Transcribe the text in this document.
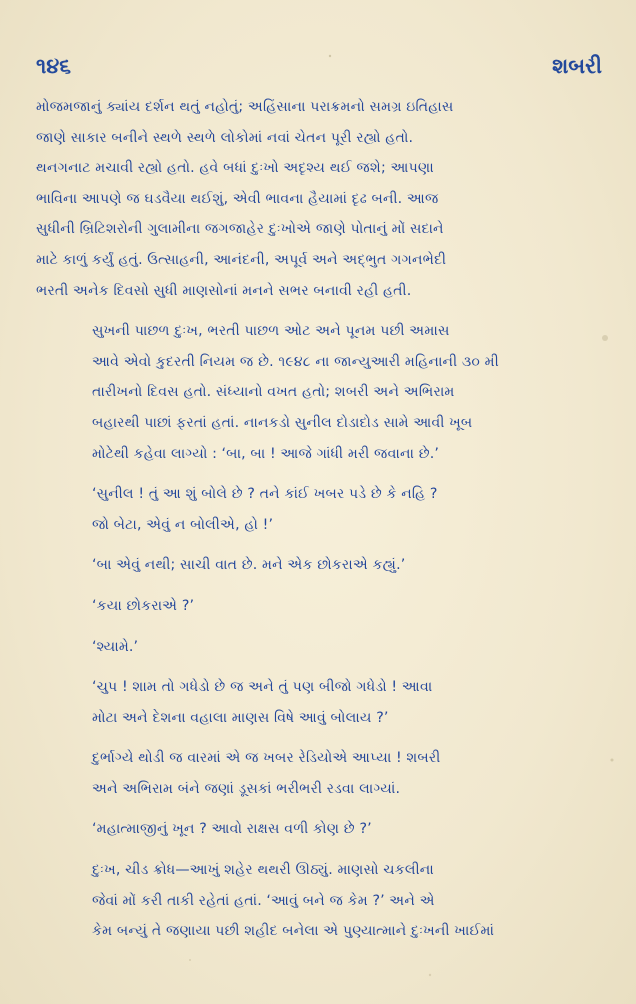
૧૪૬	શબરી

મોજમજાનું ક્યાંય દર્શન થતું નહોતું; અહિંસાના પરાક્રમનો સમગ્ર ઇતિહાસ
જાણે સાકાર બનીને સ્થળે સ્થળે લોકોમાં નવાં ચેતન પૂરી રહ્યો હતો.
થનગનાટ મચાવી રહ્યો હતો. હવે બધાં દુઃખો અદૃશ્ય થઈ જશે; આપણા
ભાવિના આપણે જ ઘડવૈયા થઈશું, એવી ભાવના હૈયામાં દૃઢ બની. આજ
સુધીની બ્રિટિશરોની ગુલામીના જગજાહેર દુઃખોએ જાણે પોતાનું મોં સદાને
માટે કાળું કર્યું હતું. ઉત્સાહની, આનંદની, અપૂર્વ અને અદ્ભુત ગગનભેદી
ભરતી અનેક દિવસો સુધી માણસોનાં મનને સભર બનાવી રહી હતી.

સુખની પાછળ દુઃખ, ભરતી પાછળ ઓટ અને પૂનમ પછી અમાસ
આવે એવો કુદરતી નિયમ જ છે. ૧૯૪૮ ના જાન્યુઆરી મહિનાની ૩૦ મી
તારીખનો દિવસ હતો. સંધ્યાનો વખત હતો; શબરી અને અભિરામ
બહારથી પાછાં ફરતાં હતાં. નાનકડો સુનીલ દોડાદોડ સામે આવી ખૂબ
મોટેથી કહેવા લાગ્યો : ‘બા, બા ! આજે ગાંધી મરી જવાના છે.’

‘સુનીલ ! તું આ શું બોલે છે ? તને કાંઈ ખબર પડે છે કે નહિ ?
જો બેટા, એવું ન બોલીએ, હો !’

‘બા એવું નથી; સાચી વાત છે. મને એક છોકરાએ કહ્યું.’

‘કયા છોકરાએ ?’

‘શ્યામે.’

‘ચુપ ! શામ તો ગધેડો છે જ અને તું પણ બીજો ગધેડો ! આવા
મોટા અને દેશના વહાલા માણસ વિષે આવું બોલાય ?’

દુર્ભાગ્યે થોડી જ વારમાં એ જ ખબર રેડિયોએ આપ્યા ! શબરી
અને અભિરામ બંને જણાં ડૂસકાં ભરીભરી રડવા લાગ્યાં.

‘મહાત્માજીનું ખૂન ? આવો રાક્ષસ વળી કોણ છે ?’

દુઃખ, ચીડ ક્રોધ—આખું શહેર થથરી ઊઠ્યું. માણસો ચકલીના
જેવાં મોં કરી તાકી રહેતાં હતાં. ‘આવું બને જ કેમ ?’ અને એ
કેમ બન્યું તે જણાયા પછી શહીદ બનેલા એ પુણ્યાત્માને દુઃખની ખાઈમાં
